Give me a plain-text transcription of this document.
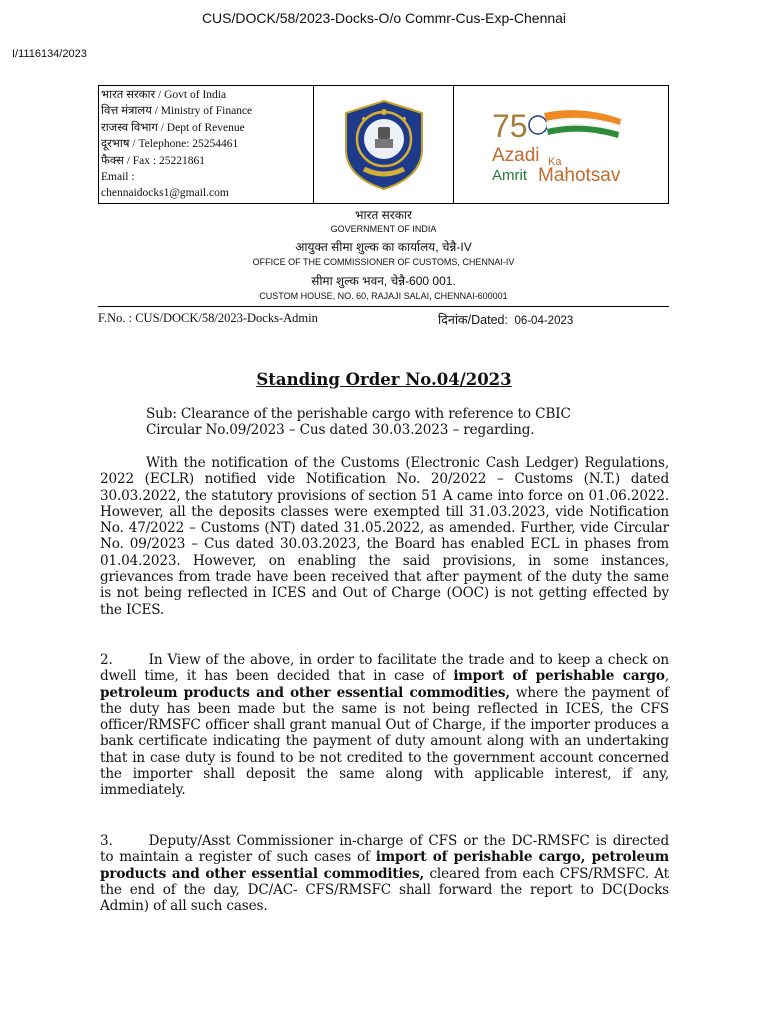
CUS/DOCK/58/2023-Docks-O/o Commr-Cus-Exp-Chennai
I/1116134/2023
भारत सरकार / Govt of India
वित्त मंत्रालय / Ministry of Finance
राजस्व विभाग / Dept of Revenue
दूरभाष / Telephone: 25254461
फैक्स / Fax : 25221861
Email :
chennaidocks1@gmail.com
75
Azadi Ka
Amrit Mahotsav
भारत सरकार
GOVERNMENT OF INDIA
आयुक्त सीमा शुल्क का कार्यालय, चेन्नै-IV
OFFICE OF THE COMMISSIONER OF CUSTOMS, CHENNAI-IV
सीमा शुल्क भवन, चेन्नै-600 001.
CUSTOM HOUSE, NO. 60, RAJAJI SALAI, CHENNAI-600001
F.No. : CUS/DOCK/58/2023-Docks-Admin	दिनांक/Dated: 06-04-2023
Standing Order No.04/2023
Sub: Clearance of the perishable cargo with reference to CBIC Circular No.09/2023 – Cus dated 30.03.2023 – regarding.
With the notification of the Customs (Electronic Cash Ledger) Regulations, 2022 (ECLR) notified vide Notification No. 20/2022 – Customs (N.T.) dated 30.03.2022, the statutory provisions of section 51 A came into force on 01.06.2022. However, all the deposits classes were exempted till 31.03.2023, vide Notification No. 47/2022 – Customs (NT) dated 31.05.2022, as amended. Further, vide Circular No. 09/2023 – Cus dated 30.03.2023, the Board has enabled ECL in phases from 01.04.2023. However, on enabling the said provisions, in some instances, grievances from trade have been received that after payment of the duty the same is not being reflected in ICES and Out of Charge (OOC) is not getting effected by the ICES.
2.	In View of the above, in order to facilitate the trade and to keep a check on dwell time, it has been decided that in case of import of perishable cargo, petroleum products and other essential commodities, where the payment of the duty has been made but the same is not being reflected in ICES, the CFS officer/RMSFC officer shall grant manual Out of Charge, if the importer produces a bank certificate indicating the payment of duty amount along with an undertaking that in case duty is found to be not credited to the government account concerned the importer shall deposit the same along with applicable interest, if any, immediately.
3.	Deputy/Asst Commissioner in-charge of CFS or the DC-RMSFC is directed to maintain a register of such cases of import of perishable cargo, petroleum products and other essential commodities, cleared from each CFS/RMSFC. At the end of the day, DC/AC- CFS/RMSFC shall forward the report to DC(Docks Admin) of all such cases.
